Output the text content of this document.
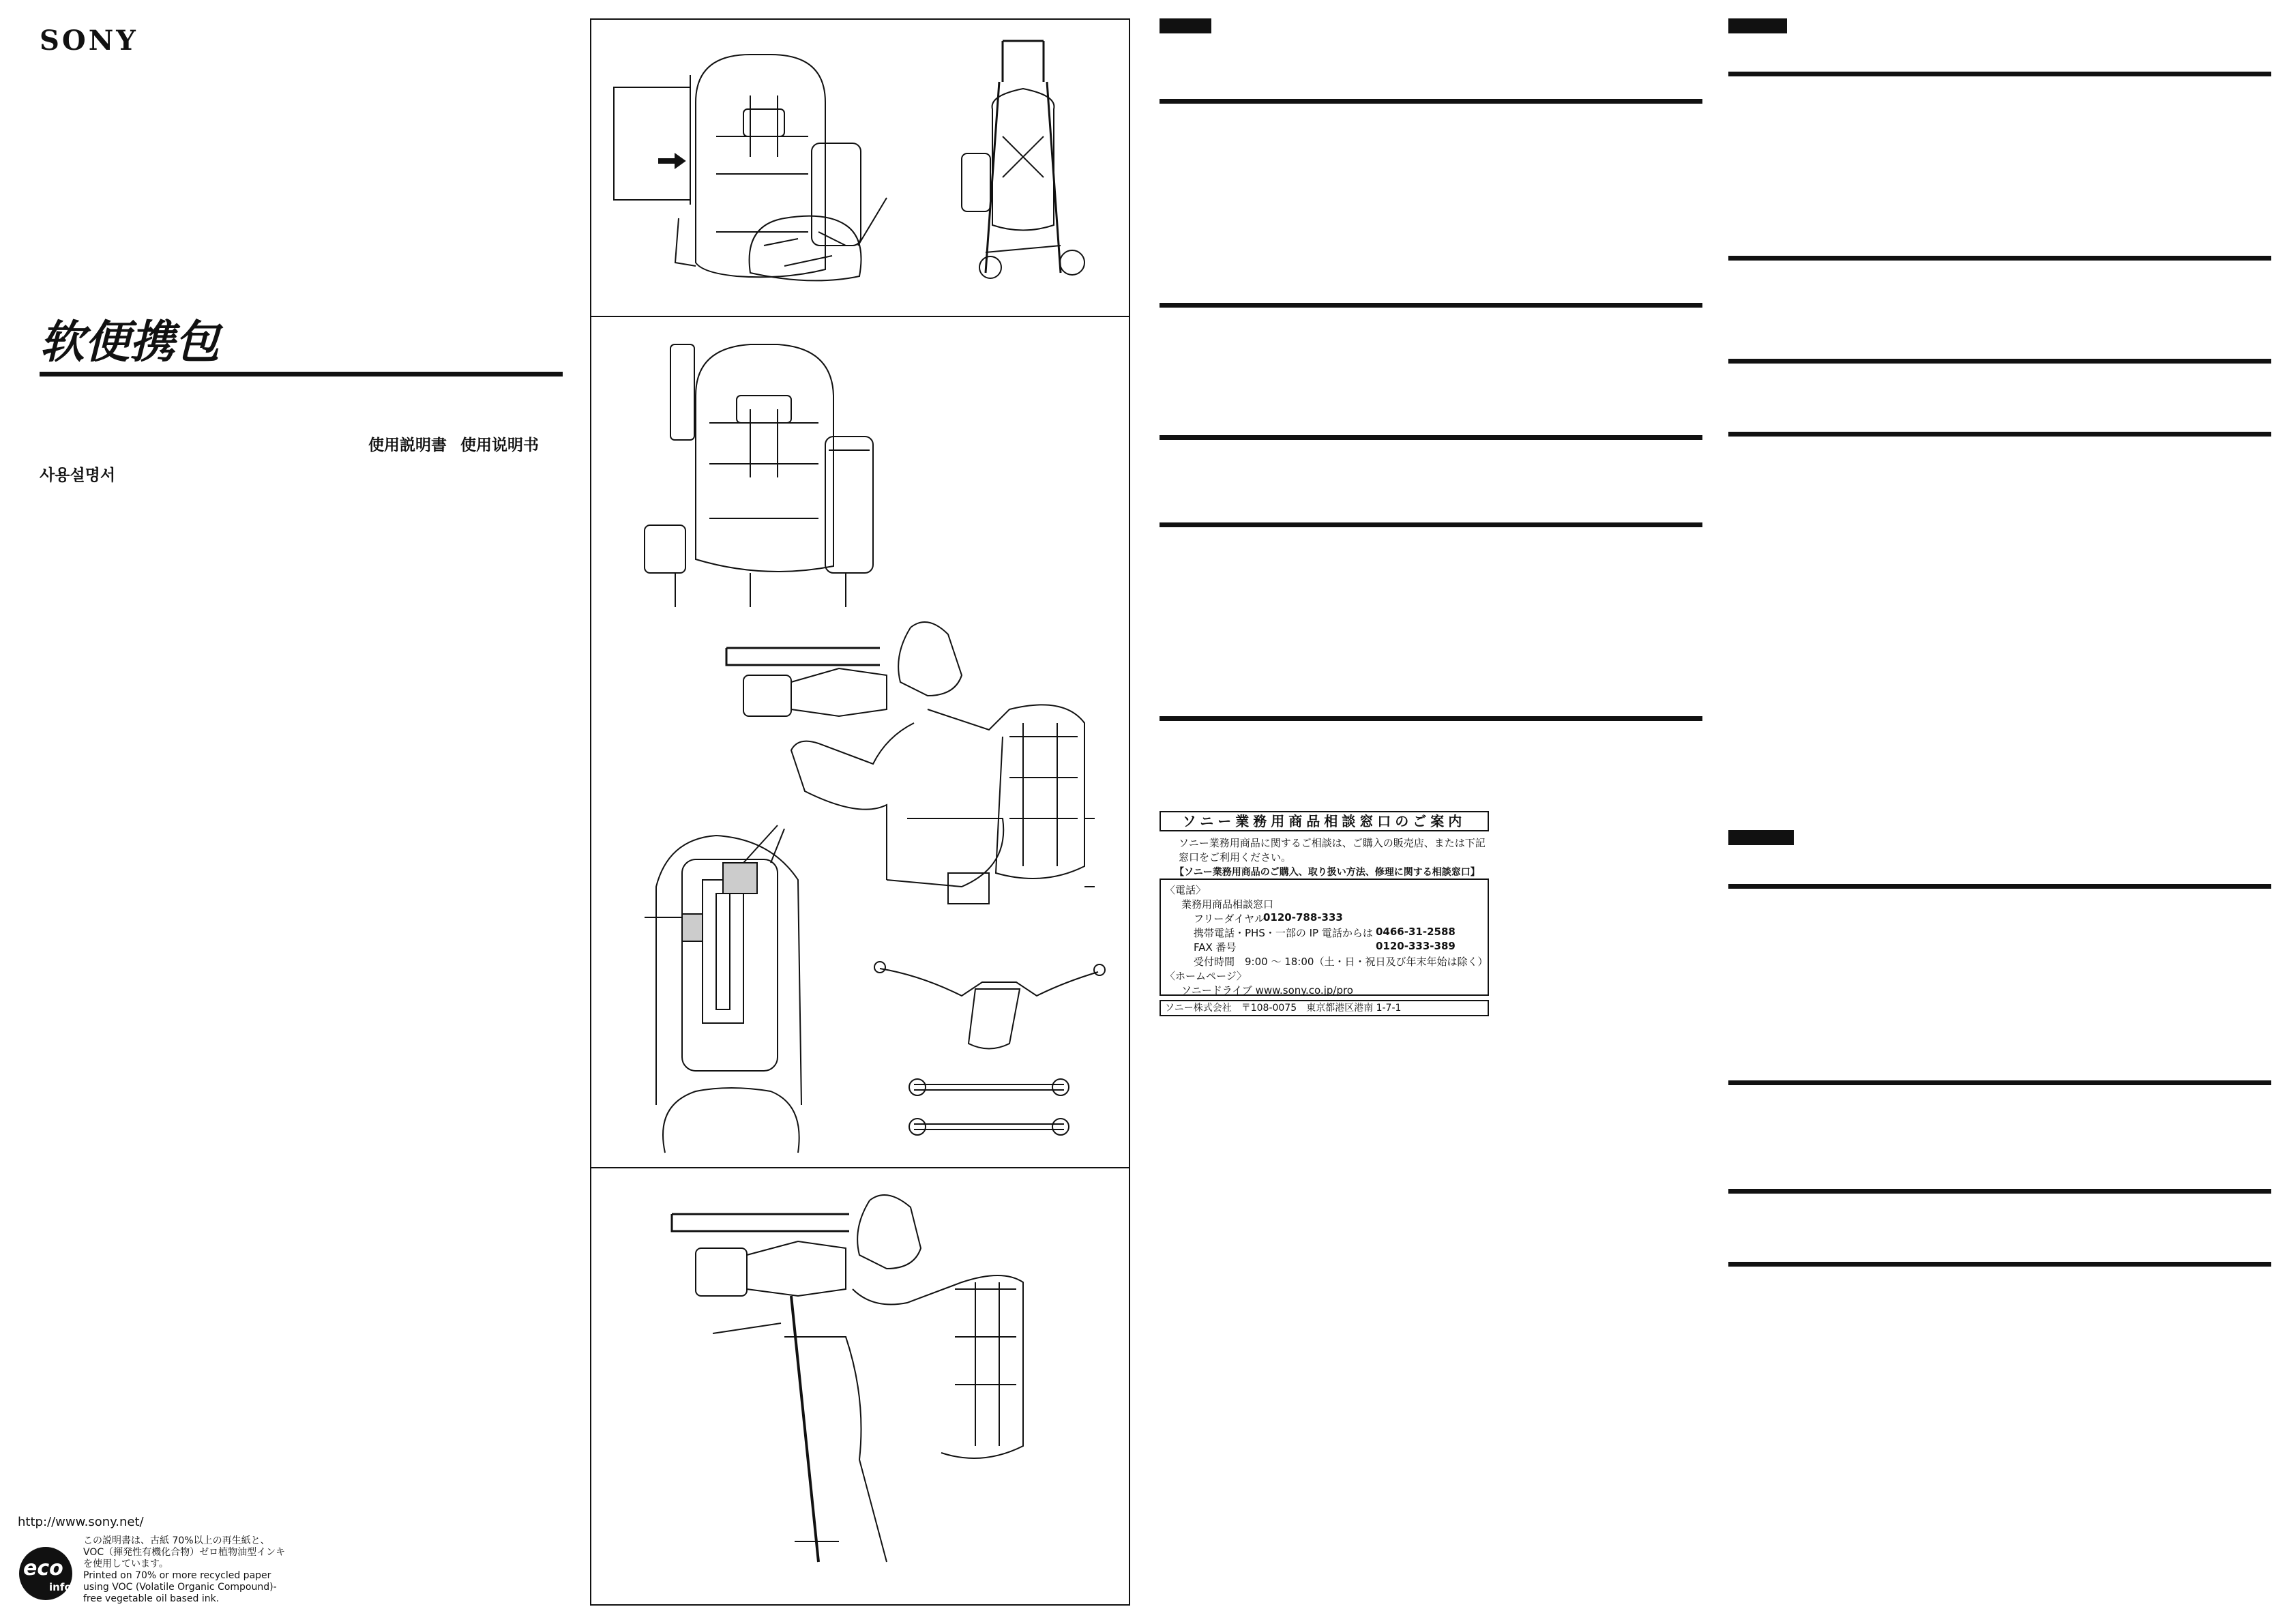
SONY
软便携包
使用説明書 使用说明书
사용설명서
http://www.sony.net/
eco
info
この説明書は、古紙 70%以上の再生紙と、
VOC（揮発性有機化合物）ゼロ植物油型インキ
を使用しています。
Printed on 70% or more recycled paper
using VOC (Volatile Organic Compound)-
free vegetable oil based ink.
ソニー業務用商品相談窓口のご案内
ソニー業務用商品に関するご相談は、ご購入の販売店、または下記
窓口をご利用ください。
【ソニー業務用商品のご購入、取り扱い方法、修理に関する相談窓口】
〈電話〉
業務用商品相談窓口
フリーダイヤル
0120-788-333
携帯電話・PHS・一部の IP 電話からは 0466-31-2588
FAX 番号	0120-333-389
受付時間　9:00 〜 18:00（土・日・祝日及び年末年始は除く）
〈ホームページ〉
ソニードライブ www.sony.co.jp/pro
ソニー株式会社　〒108-0075　東京都港区港南 1-7-1
